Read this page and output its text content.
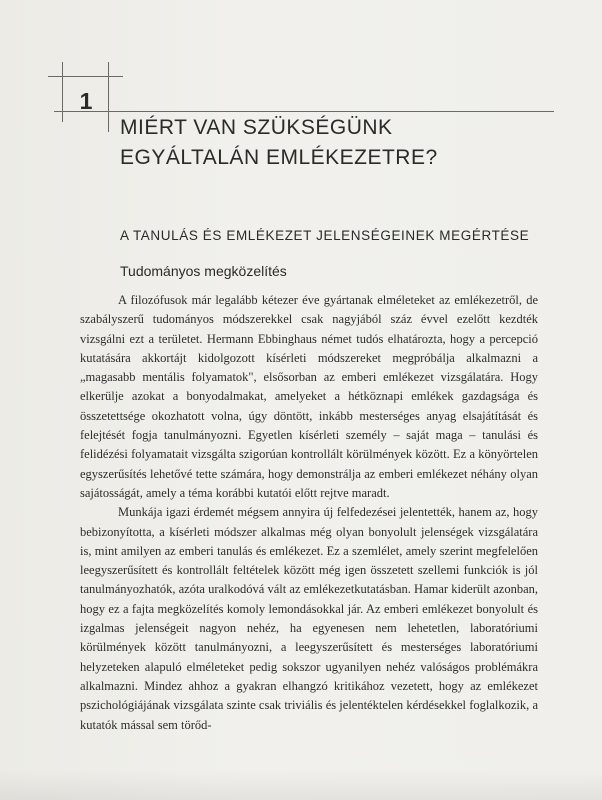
1
MIÉRT VAN SZÜKSÉGÜNK
EGYÁLTALÁN EMLÉKEZETRE?
A TANULÁS ÉS EMLÉKEZET JELENSÉGEINEK MEGÉRTÉSE
Tudományos megközelítés

A filozófusok már legalább kétezer éve gyártanak elméleteket az emlékezetről, de szabályszerű tudományos módszerekkel csak nagyjából száz évvel ezelőtt kezdték vizsgálni ezt a területet. Hermann Ebbinghaus német tudós elhatározta, hogy a percepció kutatására akkortájt kidolgozott kísérleti módszereket megpróbálja alkalmazni a „magasabb mentális folyamatok", elsősorban az emberi emlékezet vizsgálatára. Hogy elkerülje azokat a bonyodalmakat, amelyeket a hétköznapi emlékek gazdagsága és összetettsége okozhatott volna, úgy döntött, inkább mesterséges anyag elsajátítását és felejtését fogja tanulmányozni. Egyetlen kísérleti személy – saját maga – tanulási és felidézési folyamatait vizsgálta szigorúan kontrollált körülmények között. Ez a könyörtelen egyszerűsítés lehetővé tette számára, hogy demonstrálja az emberi emlékezet néhány olyan sajátosságát, amely a téma korábbi kutatói előtt rejtve maradt.

Munkája igazi érdemét mégsem annyira új felfedezései jelentették, hanem az, hogy bebizonyította, a kísérleti módszer alkalmas még olyan bonyolult jelenségek vizsgálatára is, mint amilyen az emberi tanulás és emlékezet. Ez a szemlélet, amely szerint megfelelően leegyszerűsített és kontrollált feltételek között még igen összetett szellemi funkciók is jól tanulmányozhatók, azóta uralkodóvá vált az emlékezetkutatásban. Hamar kiderült azonban, hogy ez a fajta megközelítés komoly lemondásokkal jár. Az emberi emlékezet bonyolult és izgalmas jelenségeit nagyon nehéz, ha egyenesen nem lehetetlen, laboratóriumi körülmények között tanulmányozni, a leegyszerűsített és mesterséges laboratóriumi helyzeteken alapuló elméleteket pedig sokszor ugyanilyen nehéz valóságos problémákra alkalmazni. Mindez ahhoz a gyakran elhangzó kritikához vezetett, hogy az emlékezet pszichológiájának vizsgálata szinte csak triviális és jelentéktelen kérdésekkel foglalkozik, a kutatók mással sem törőd-
